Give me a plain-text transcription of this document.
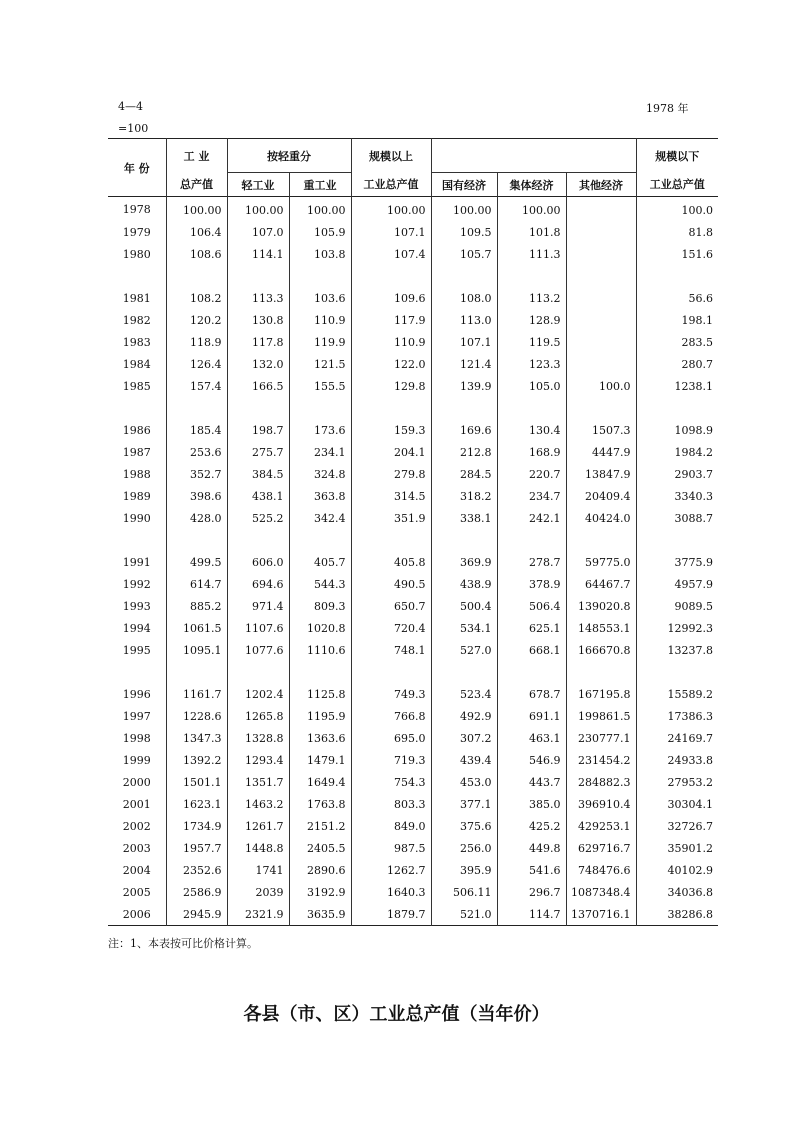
4—4	1978 年
=100
年 份	工 业	按轻重分		规模以上				规模以下
	总产值	轻工业	重工业	工业总产值	国有经济	集体经济	其他经济	工业总产值
1978	100.00	100.00	100.00	100.00	100.00	100.00		100.0
1979	106.4	107.0	105.9	107.1	109.5	101.8		81.8
1980	108.6	114.1	103.8	107.4	105.7	111.3		151.6

1981	108.2	113.3	103.6	109.6	108.0	113.2		56.6
1982	120.2	130.8	110.9	117.9	113.0	128.9		198.1
1983	118.9	117.8	119.9	110.9	107.1	119.5		283.5
1984	126.4	132.0	121.5	122.0	121.4	123.3		280.7
1985	157.4	166.5	155.5	129.8	139.9	105.0	100.0	1238.1

1986	185.4	198.7	173.6	159.3	169.6	130.4	1507.3	1098.9
1987	253.6	275.7	234.1	204.1	212.8	168.9	4447.9	1984.2
1988	352.7	384.5	324.8	279.8	284.5	220.7	13847.9	2903.7
1989	398.6	438.1	363.8	314.5	318.2	234.7	20409.4	3340.3
1990	428.0	525.2	342.4	351.9	338.1	242.1	40424.0	3088.7

1991	499.5	606.0	405.7	405.8	369.9	278.7	59775.0	3775.9
1992	614.7	694.6	544.3	490.5	438.9	378.9	64467.7	4957.9
1993	885.2	971.4	809.3	650.7	500.4	506.4	139020.8	9089.5
1994	1061.5	1107.6	1020.8	720.4	534.1	625.1	148553.1	12992.3
1995	1095.1	1077.6	1110.6	748.1	527.0	668.1	166670.8	13237.8

1996	1161.7	1202.4	1125.8	749.3	523.4	678.7	167195.8	15589.2
1997	1228.6	1265.8	1195.9	766.8	492.9	691.1	199861.5	17386.3
1998	1347.3	1328.8	1363.6	695.0	307.2	463.1	230777.1	24169.7
1999	1392.2	1293.4	1479.1	719.3	439.4	546.9	231454.2	24933.8
2000	1501.1	1351.7	1649.4	754.3	453.0	443.7	284882.3	27953.2
2001	1623.1	1463.2	1763.8	803.3	377.1	385.0	396910.4	30304.1
2002	1734.9	1261.7	2151.2	849.0	375.6	425.2	429253.1	32726.7
2003	1957.7	1448.8	2405.5	987.5	256.0	449.8	629716.7	35901.2
2004	2352.6	1741	2890.6	1262.7	395.9	541.6	748476.6	40102.9
2005	2586.9	2039	3192.9	1640.3	506.11	296.7	1087348.4	34036.8
2006	2945.9	2321.9	3635.9	1879.7	521.0	114.7	1370716.1	38286.8
注：1、本表按可比价格计算。
各县（市、区）工业总产值（当年价）
